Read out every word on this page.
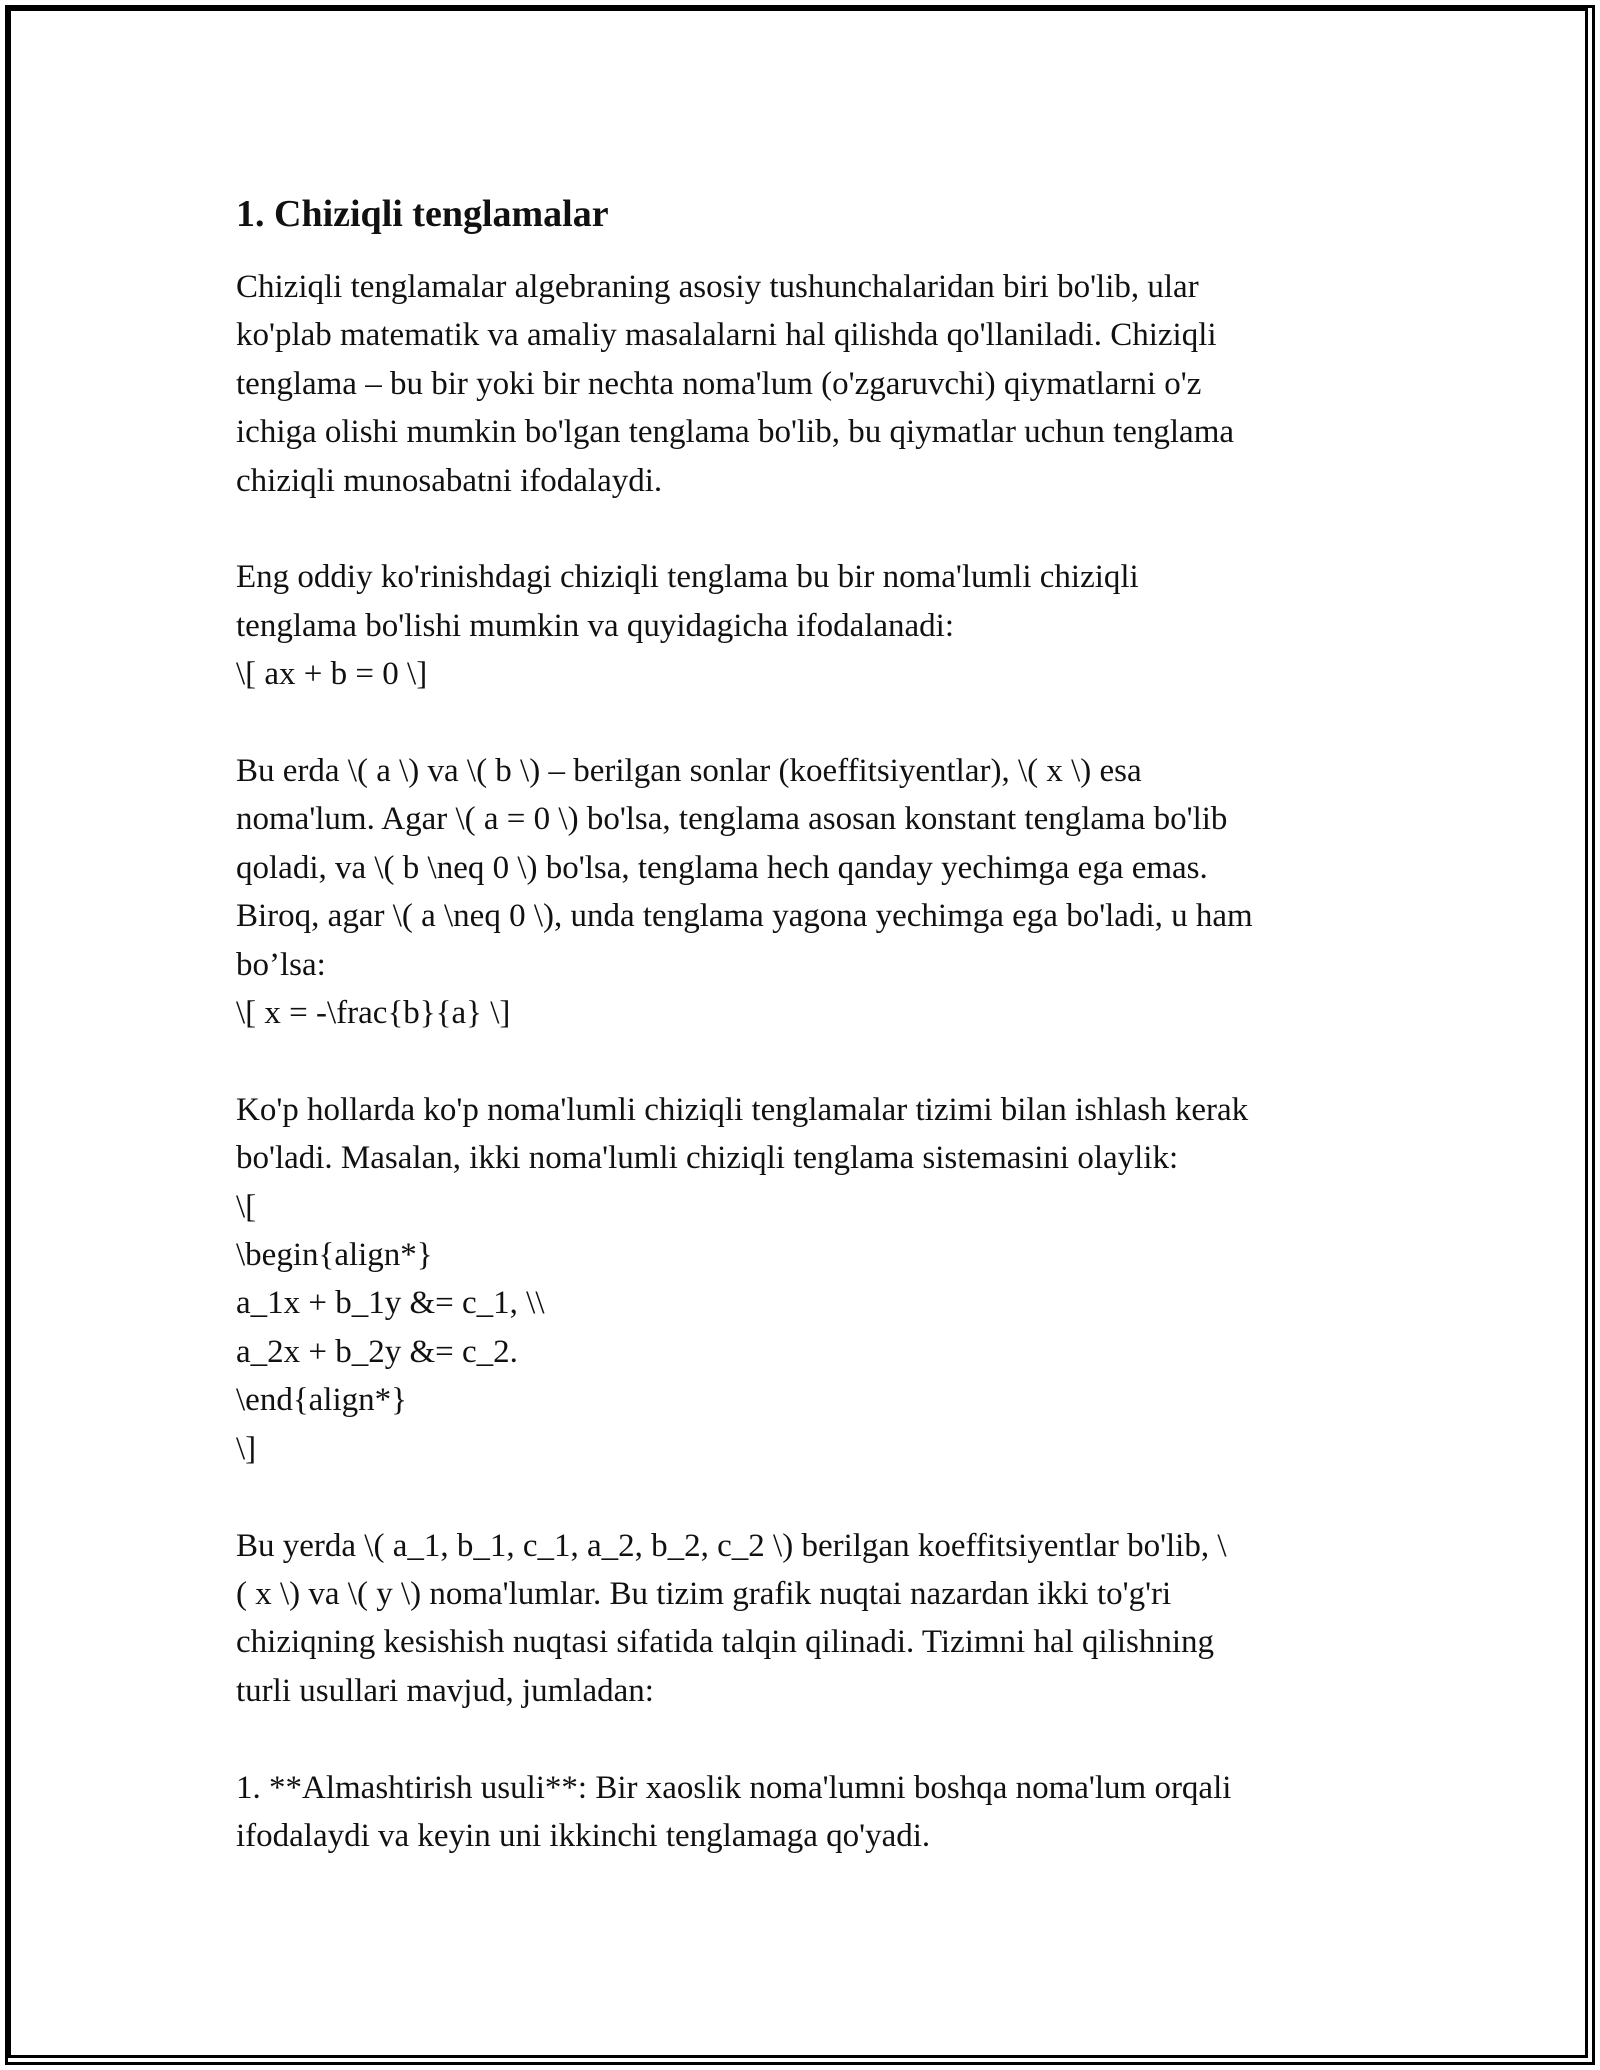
1. Chiziqli tenglamalar

Chiziqli tenglamalar algebraning asosiy tushunchalaridan biri bo'lib, ular
ko'plab matematik va amaliy masalalarni hal qilishda qo'llaniladi. Chiziqli
tenglama – bu bir yoki bir nechta noma'lum (o'zgaruvchi) qiymatlarni o'z
ichiga olishi mumkin bo'lgan tenglama bo'lib, bu qiymatlar uchun tenglama
chiziqli munosabatni ifodalaydi.

Eng oddiy ko'rinishdagi chiziqli tenglama bu bir noma'lumli chiziqli
tenglama bo'lishi mumkin va quyidagicha ifodalanadi:
\[ ax + b = 0 \]

Bu erda \( a \) va \( b \) – berilgan sonlar (koeffitsiyentlar), \( x \) esa
noma'lum. Agar \( a = 0 \) bo'lsa, tenglama asosan konstant tenglama bo'lib
qoladi, va \( b \neq 0 \) bo'lsa, tenglama hech qanday yechimga ega emas.
Biroq, agar \( a \neq 0 \), unda tenglama yagona yechimga ega bo'ladi, u ham
bo’lsa:
\[ x = -\frac{b}{a} \]

Ko'p hollarda ko'p noma'lumli chiziqli tenglamalar tizimi bilan ishlash kerak
bo'ladi. Masalan, ikki noma'lumli chiziqli tenglama sistemasini olaylik:
\[
\begin{align*}
a_1x + b_1y &= c_1, \\
a_2x + b_2y &= c_2.
\end{align*}
\]

Bu yerda \( a_1, b_1, c_1, a_2, b_2, c_2 \) berilgan koeffitsiyentlar bo'lib, \
( x \) va \( y \) noma'lumlar. Bu tizim grafik nuqtai nazardan ikki to'g'ri
chiziqning kesishish nuqtasi sifatida talqin qilinadi. Tizimni hal qilishning
turli usullari mavjud, jumladan:

1. **Almashtirish usuli**: Bir xaoslik noma'lumni boshqa noma'lum orqali
ifodalaydi va keyin uni ikkinchi tenglamaga qo'yadi.
